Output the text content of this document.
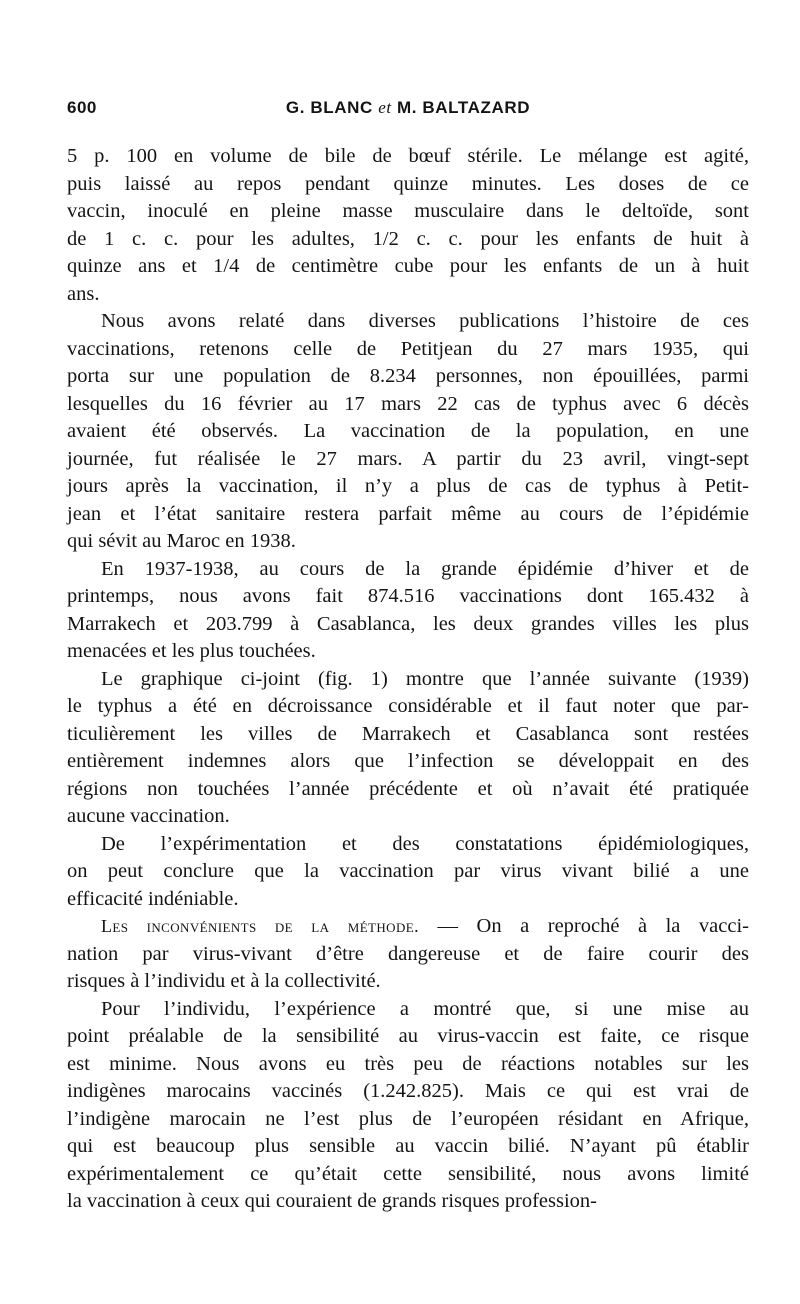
600	G. BLANC et M. BALTAZARD

5 p. 100 en volume de bile de bœuf stérile. Le mélange est agité,
puis laissé au repos pendant quinze minutes. Les doses de ce
vaccin, inoculé en pleine masse musculaire dans le deltoïde, sont
de 1 c. c. pour les adultes, 1/2 c. c. pour les enfants de huit à
quinze ans et 1/4 de centimètre cube pour les enfants de un à huit
ans.

Nous avons relaté dans diverses publications l’histoire de ces
vaccinations, retenons celle de Petitjean du 27 mars 1935, qui
porta sur une population de 8.234 personnes, non épouillées, parmi
lesquelles du 16 février au 17 mars 22 cas de typhus avec 6 décès
avaient été observés. La vaccination de la population, en une
journée, fut réalisée le 27 mars. A partir du 23 avril, vingt-sept
jours après la vaccination, il n’y a plus de cas de typhus à Petit-
jean et l’état sanitaire restera parfait même au cours de l’épidémie
qui sévit au Maroc en 1938.

En 1937-1938, au cours de la grande épidémie d’hiver et de
printemps, nous avons fait 874.516 vaccinations dont 165.432 à
Marrakech et 203.799 à Casablanca, les deux grandes villes les plus
menacées et les plus touchées.

Le graphique ci-joint (fig. 1) montre que l’année suivante (1939)
le typhus a été en décroissance considérable et il faut noter que par-
ticulièrement les villes de Marrakech et Casablanca sont restées
entièrement indemnes alors que l’infection se développait en des
régions non touchées l’année précédente et où n’avait été pratiquée
aucune vaccination.

De l’expérimentation et des constatations épidémiologiques,
on peut conclure que la vaccination par virus vivant bilié a une
efficacité indéniable.

Les inconvénients de la méthode. — On a reproché à la vacci-
nation par virus-vivant d’être dangereuse et de faire courir des
risques à l’individu et à la collectivité.

Pour l’individu, l’expérience a montré que, si une mise au
point préalable de la sensibilité au virus-vaccin est faite, ce risque
est minime. Nous avons eu très peu de réactions notables sur les
indigènes marocains vaccinés (1.242.825). Mais ce qui est vrai de
l’indigène marocain ne l’est plus de l’européen résidant en Afrique,
qui est beaucoup plus sensible au vaccin bilié. N’ayant pû établir
expérimentalement ce qu’était cette sensibilité, nous avons limité
la vaccination à ceux qui couraient de grands risques profession-
